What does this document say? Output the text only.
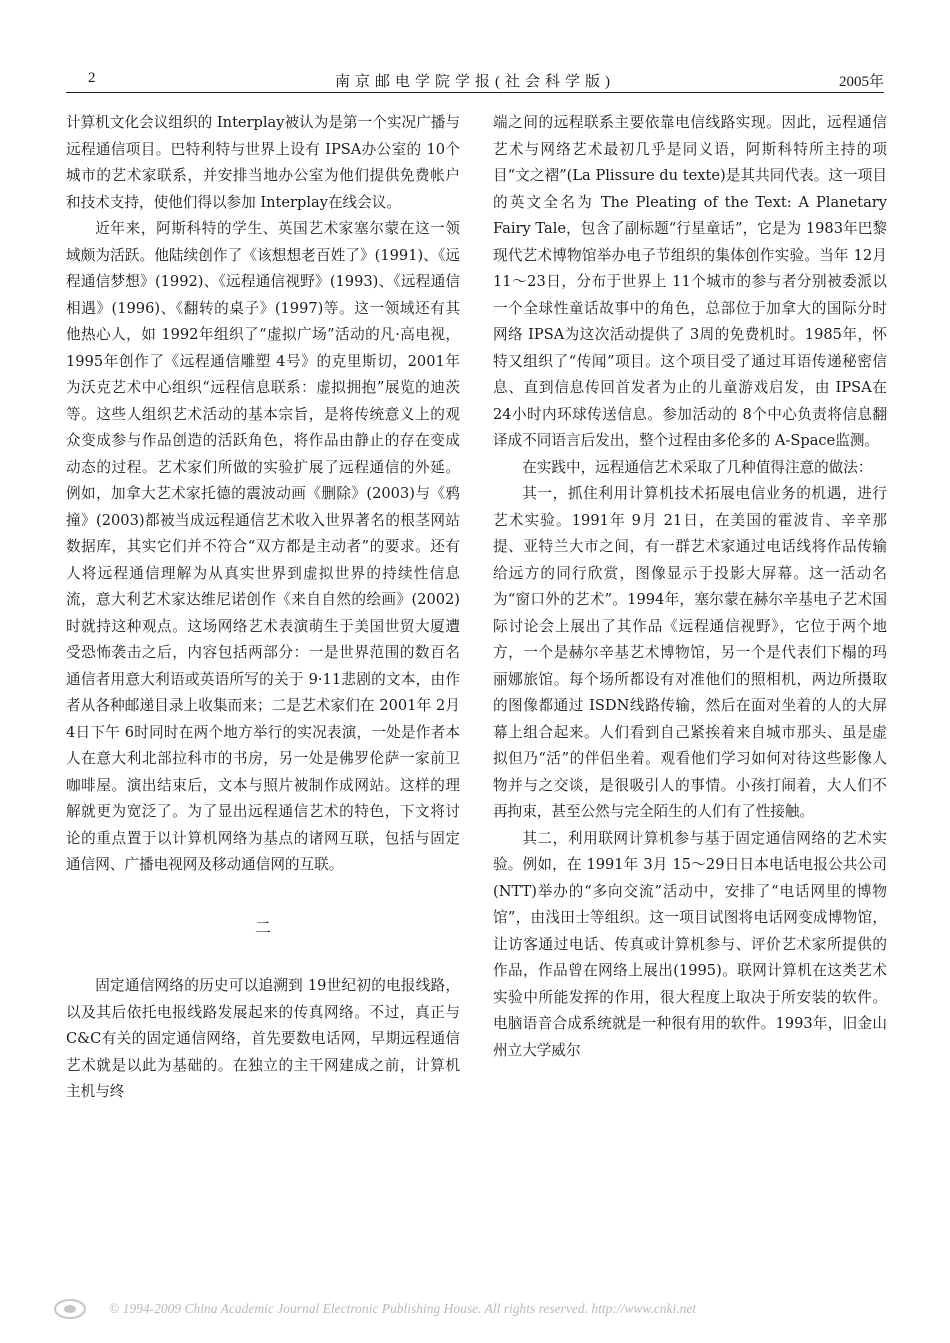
2	南京邮电学院学报(社会科学版)	2005年

计算机文化会议组织的 Interplay被认为是第一个实况广播与远程通信项目。巴特利特与世界上设有 IPSA办公室的 10个城市的艺术家联系，并安排当地办公室为他们提供免费帐户和技术支持，使他们得以参加 Interplay在线会议。

近年来，阿斯科特的学生、英国艺术家塞尔蒙在这一领域颇为活跃。他陆续创作了《该想想老百姓了》(1991)、《远程通信梦想》(1992)、《远程通信视野》(1993)、《远程通信相遇》(1996)、《翻转的桌子》(1997)等。这一领域还有其他热心人，如 1992年组织了“虚拟广场”活动的凡·高电视，1995年创作了《远程通信雕塑 4号》的克里斯切，2001年为沃克艺术中心组织“远程信息联系：虚拟拥抱”展览的迪茨等。这些人组织艺术活动的基本宗旨，是将传统意义上的观众变成参与作品创造的活跃角色，将作品由静止的存在变成动态的过程。艺术家们所做的实验扩展了远程通信的外延。例如，加拿大艺术家托德的震波动画《删除》(2003)与《鸦撞》(2003)都被当成远程通信艺术收入世界著名的根茎网站数据库，其实它们并不符合“双方都是主动者”的要求。还有人将远程通信理解为从真实世界到虚拟世界的持续性信息流，意大利艺术家达维尼诺创作《来自自然的绘画》(2002)时就持这种观点。这场网络艺术表演萌生于美国世贸大厦遭受恐怖袭击之后，内容包括两部分：一是世界范围的数百名通信者用意大利语或英语所写的关于 9·11悲剧的文本，由作者从各种邮递目录上收集而来；二是艺术家们在 2001年 2月 4日下午 6时同时在两个地方举行的实况表演，一处是作者本人在意大利北部拉科市的书房，另一处是佛罗伦萨一家前卫咖啡屋。演出结束后，文本与照片被制作成网站。这样的理解就更为宽泛了。为了显出远程通信艺术的特色，下文将讨论的重点置于以计算机网络为基点的诸网互联，包括与固定通信网、广播电视网及移动通信网的互联。

二

固定通信网络的历史可以追溯到 19世纪初的电报线路，以及其后依托电报线路发展起来的传真网络。不过，真正与 C&C有关的固定通信网络，首先要数电话网，早期远程通信艺术就是以此为基础的。在独立的主干网建成之前，计算机主机与终

端之间的远程联系主要依靠电信线路实现。因此，远程通信艺术与网络艺术最初几乎是同义语，阿斯科特所主持的项目“文之褶”(La Plissure du texte)是其共同代表。这一项目的英文全名为 The Pleating of the Text: A Planetary Fairy Tale，包含了副标题“行星童话”，它是为 1983年巴黎现代艺术博物馆举办电子节组织的集体创作实验。当年 12月 11～23日，分布于世界上 11个城市的参与者分别被委派以一个全球性童话故事中的角色，总部位于加拿大的国际分时网络 IPSA为这次活动提供了 3周的免费机时。1985年，怀特又组织了“传闻”项目。这个项目受了通过耳语传递秘密信息、直到信息传回首发者为止的儿童游戏启发，由 IPSA在 24小时内环球传送信息。参加活动的 8个中心负责将信息翻译成不同语言后发出，整个过程由多伦多的 A-Space监测。

在实践中，远程通信艺术采取了几种值得注意的做法：

其一，抓住利用计算机技术拓展电信业务的机遇，进行艺术实验。1991年 9月 21日，在美国的霍波肯、辛辛那提、亚特兰大市之间，有一群艺术家通过电话线将作品传输给远方的同行欣赏，图像显示于投影大屏幕。这一活动名为“窗口外的艺术”。1994年，塞尔蒙在赫尔辛基电子艺术国际讨论会上展出了其作品《远程通信视野》，它位于两个地方，一个是赫尔辛基艺术博物馆，另一个是代表们下榻的玛丽娜旅馆。每个场所都设有对准他们的照相机，两边所摄取的图像都通过 ISDN线路传输，然后在面对坐着的人的大屏幕上组合起来。人们看到自己紧挨着来自城市那头、虽是虚拟但乃“活”的伴侣坐着。观看他们学习如何对待这些影像人物并与之交谈，是很吸引人的事情。小孩打闹着，大人们不再拘束，甚至公然与完全陌生的人们有了性接触。

其二，利用联网计算机参与基于固定通信网络的艺术实验。例如，在 1991年 3月 15～29日日本电话电报公共公司(NTT)举办的“多向交流”活动中，安排了“电话网里的博物馆”，由浅田士等组织。这一项目试图将电话网变成博物馆，让访客通过电话、传真或计算机参与、评价艺术家所提供的作品，作品曾在网络上展出(1995)。联网计算机在这类艺术实验中所能发挥的作用，很大程度上取决于所安装的软件。电脑语音合成系统就是一种很有用的软件。1993年，旧金山州立大学威尔

© 1994-2009 China Academic Journal Electronic Publishing House. All rights reserved. http://www.cnki.net
